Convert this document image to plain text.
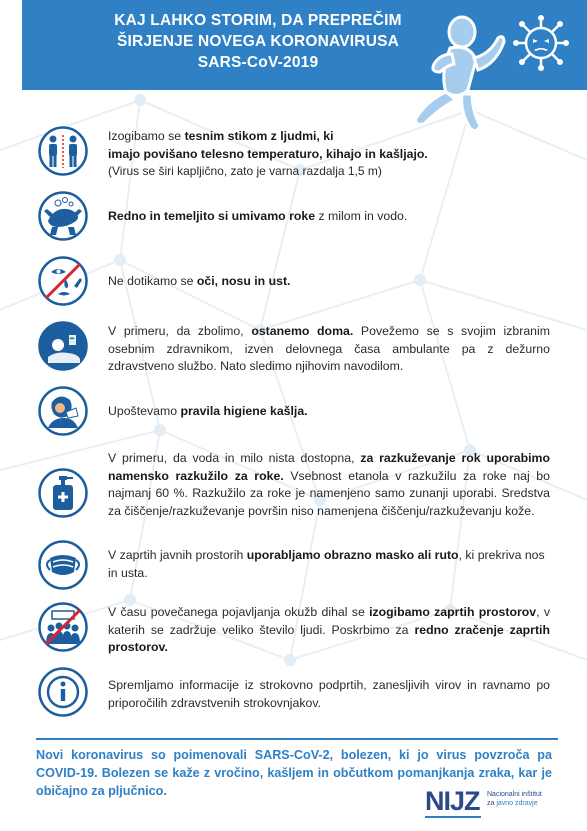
KAJ LAHKO STORIM, DA PREPREČIM
ŠIRJENJE NOVEGA KORONAVIRUSA
SARS-CoV-2019
Izogibamo se tesnim stikom z ljudmi, ki
imajo povišano telesno temperaturo, kihajo in kašljajo.
(Virus se širi kapljično, zato je varna razdalja 1,5 m)
Redno in temeljito si umivamo roke z milom in vodo.
Ne dotikamo se oči, nosu in ust.
V primeru, da zbolimo, ostanemo doma. Povežemo se s svojim izbranim osebnim zdravnikom, izven delovnega časa ambulante pa z dežurno zdravstveno službo. Nato sledimo njihovim navodilom.
Upoštevamo pravila higiene kašlja.
V primeru, da voda in milo nista dostopna, za razkuževanje rok uporabimo namensko razkužilo za roke. Vsebnost etanola v razkužilu za roke naj bo najmanj 60 %. Razkužilo za roke je namenjeno samo zunanji uporabi. Sredstva za čiščenje/razkuževanje površin niso namenjena čiščenju/razkuževanju kože.
V zaprtih javnih prostorih uporabljamo obrazno masko ali ruto, ki prekriva nos in usta.
V času povečanega pojavljanja okužb dihal se izogibamo zaprtih prostorov, v katerih se zadržuje veliko število ljudi. Poskrbimo za redno zračenje zaprtih prostorov.
Spremljamo informacije iz strokovno podprtih, zanesljivih virov in ravnamo po priporočilih zdravstvenih strokovnjakov.
Novi koronavirus so poimenovali SARS-CoV-2, bolezen, ki jo virus povzroča pa COVID-19. Bolezen se kaže z vročino, kašljem in občutkom pomanjkanja zraka, kar je običajno za pljučnico.	NIJZ Nacionalni inštitut
za javno zdravje
